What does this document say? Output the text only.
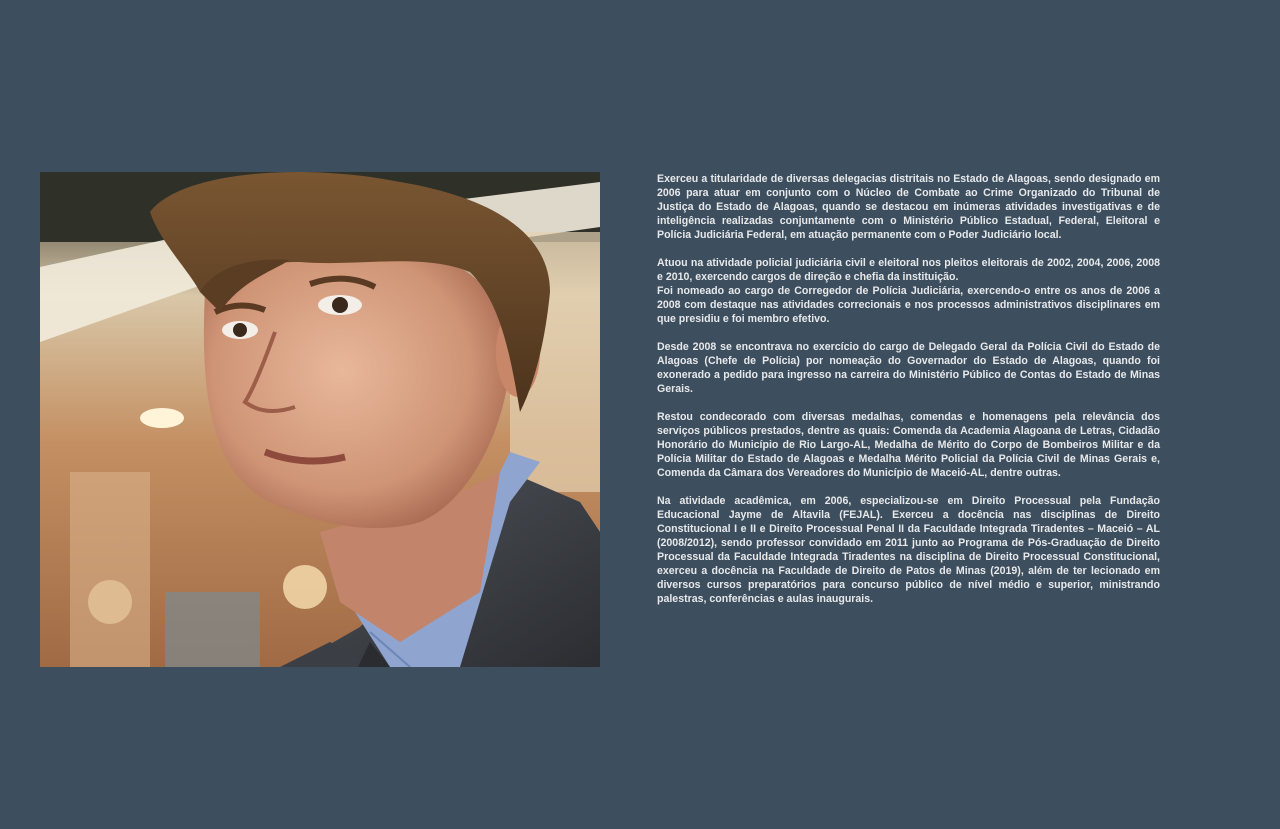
Exerceu a titularidade de diversas delegacias distritais no Estado de Alagoas, sendo designado em 2006 para atuar em conjunto com o Núcleo de Combate ao Crime Organizado do Tribunal de Justiça do Estado de Alagoas, quando se destacou em inúmeras atividades investigativas e de inteligência realizadas conjuntamente com o Ministério Público Estadual, Federal, Eleitoral e Polícia Judiciária Federal, em atuação permanente com o Poder Judiciário local.

Atuou na atividade policial judiciária civil e eleitoral nos pleitos eleitorais de 2002, 2004, 2006, 2008 e 2010, exercendo cargos de direção e chefia da instituição.

Foi nomeado ao cargo de Corregedor de Polícia Judiciária, exercendo-o entre os anos de 2006 a 2008 com destaque nas atividades correcionais e nos processos administrativos disciplinares em que presidiu e foi membro efetivo.

Desde 2008 se encontrava no exercício do cargo de Delegado Geral da Polícia Civil do Estado de Alagoas (Chefe de Polícia) por nomeação do Governador do Estado de Alagoas, quando foi exonerado a pedido para ingresso na carreira do Ministério Público de Contas do Estado de Minas Gerais.

Restou condecorado com diversas medalhas, comendas e homenagens pela relevância dos serviços públicos prestados, dentre as quais: Comenda da Academia Alagoana de Letras, Cidadão Honorário do Município de Rio Largo-AL, Medalha de Mérito do Corpo de Bombeiros Militar e da Polícia Militar do Estado de Alagoas e Medalha Mérito Policial da Polícia Civil de Minas Gerais e, Comenda da Câmara dos Vereadores do Município de Maceió-AL, dentre outras.

Na atividade acadêmica, em 2006, especializou-se em Direito Processual pela Fundação Educacional Jayme de Altavila (FEJAL). Exerceu a docência nas disciplinas de Direito Constitucional I e II e Direito Processual Penal II da Faculdade Integrada Tiradentes – Maceió – AL (2008/2012), sendo professor convidado em 2011 junto ao Programa de Pós-Graduação de Direito Processual da Faculdade Integrada Tiradentes na disciplina de Direito Processual Constitucional, exerceu a docência na Faculdade de Direito de Patos de Minas (2019), além de ter lecionado em diversos cursos preparatórios para concurso público de nível médio e superior, ministrando palestras, conferências e aulas inaugurais.
